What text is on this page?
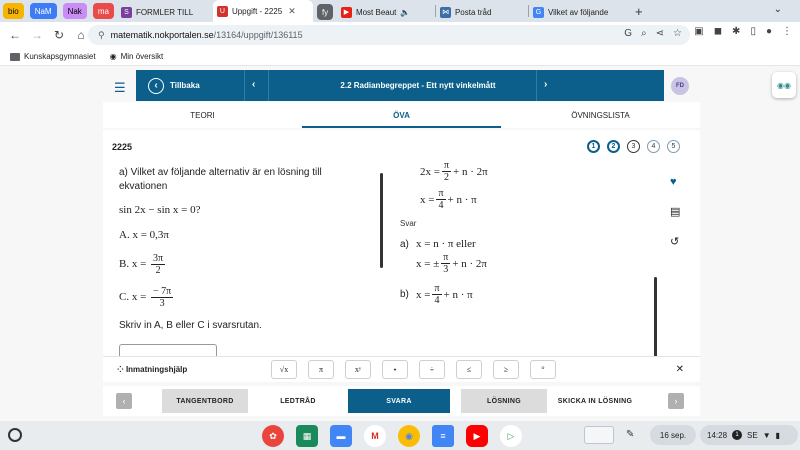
bio NaM Nak ma	S FORMLER TILL	U Uppgift - 2225 ✕	fy	▶ Most Beaut 🔈	⋈ Posta tråd	G Vilket av följande +	⌄
← → ↻	⌂	⚲ matematik.nokportalen.se /13164/uppgift/136115	G ⌕ ⋖ ☆ ▣ ◼ ✱ ▯ ● ⋮
Kunskapsgymnasiet ◉ Min översikt
☰	‹	Tillbaka	‹	2.2 Radianbegreppet - Ett nytt vinkelmått	›	FD	◉◉
TEORI	ÖVA	ÖVNINGSLISTA
2225	1	2	3	4	5
a) Vilket av följande alternativ är en lösning till ekvationen
sin 2x − sin x = 0?
A. x = 0,3π
B. $x = \frac{3\pi}{2}$
C. $x = \frac{- 7\pi}{3}$
Skriv in A, B eller C i svarsrutan.
$2x = \frac{\pi}{2} + n \cdot 2\pi$
$x = \frac{\pi}{4} + n \cdot \pi$
Svar
a) x = n · π eller
x = ± $\frac{\pi}{3} + n \cdot 2\pi$
b) $x = \frac{\pi}{4} + n \cdot \pi$
♥
▤
↺
⁘ Inmatningshjälp	√x	π	xʸ	⋆	÷	≤	≥	°	✕
‹	TANGENTBORD	LEDTRÅD	SVARA	LÖSNING	SKICKA IN LÖSNING	›
✿	▦	▬	M	◉	≡	▶	▷	✎	16 sep.	14:28	1	SE ▼ ▮
